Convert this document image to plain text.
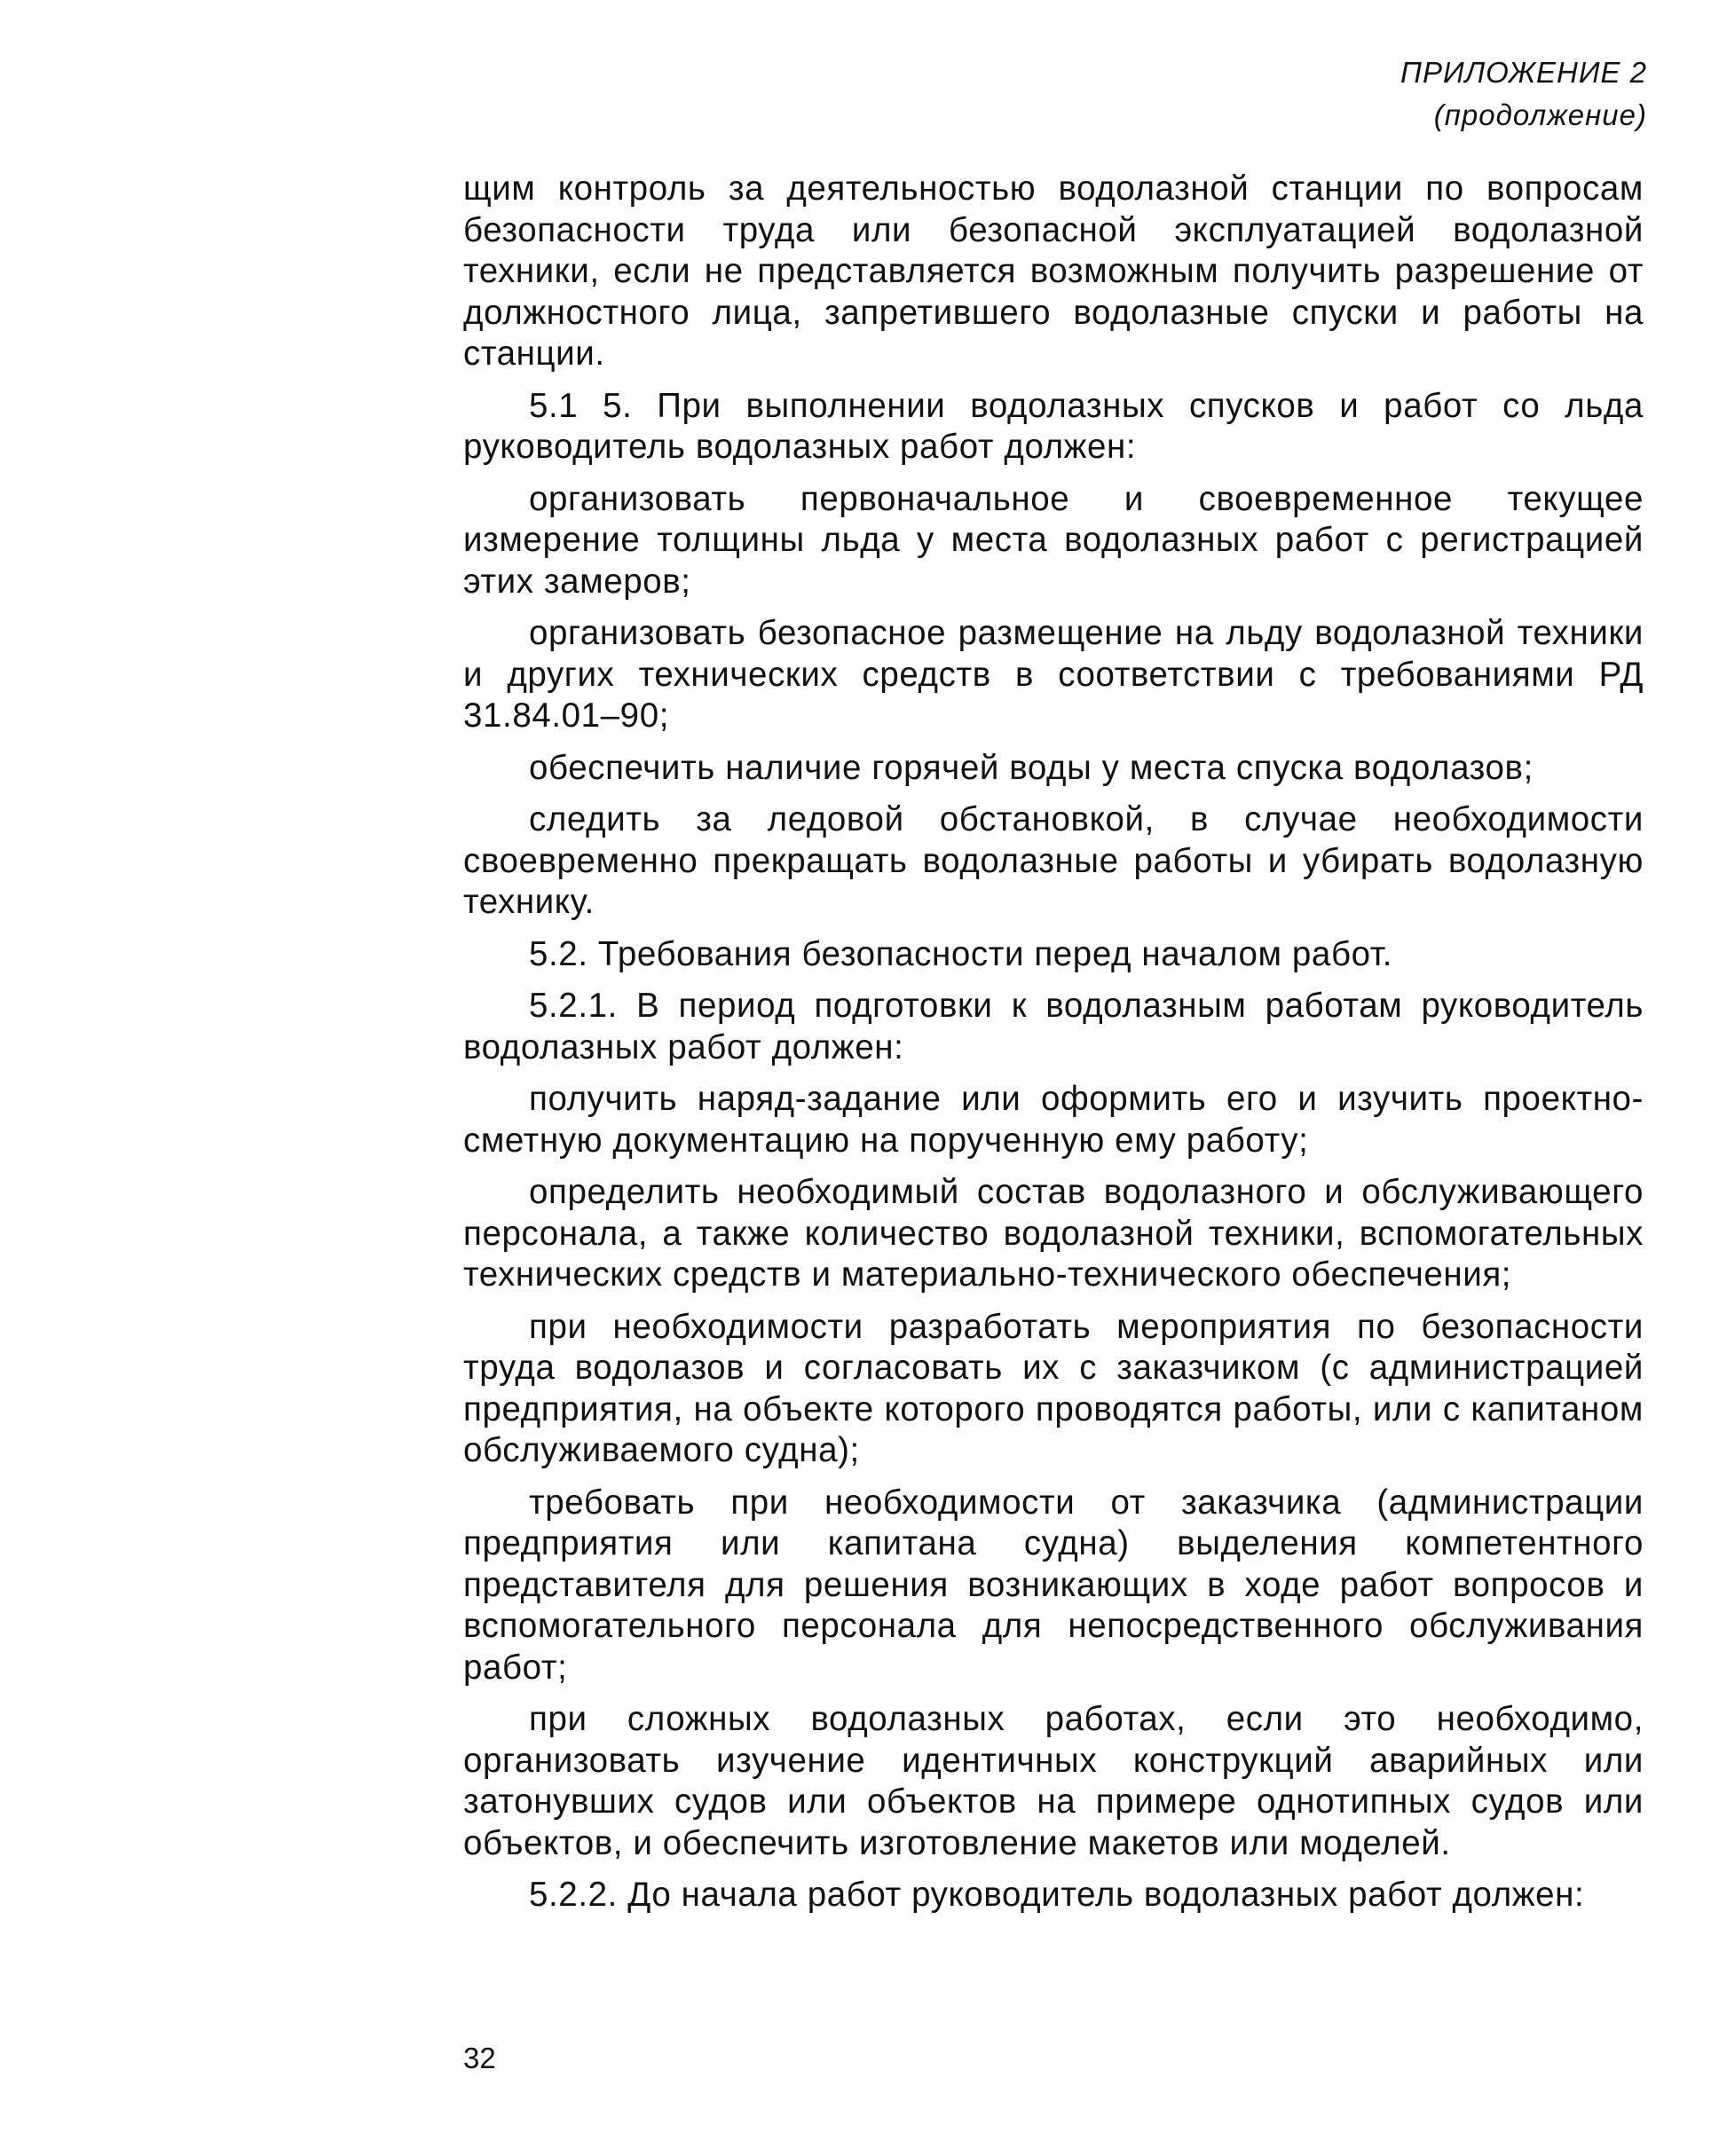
ПРИЛОЖЕНИЕ 2
(продолжение)

щим контроль за деятельностью водолазной станции по вопросам безопасности труда или безопасной эксплуатацией водолазной техники, если не представляется возможным получить разрешение от должностного лица, запретившего водолазные спуски и работы на станции.

5.1 5. При выполнении водолазных спусков и работ со льда руководитель водолазных работ должен:

организовать первоначальное и своевременное текущее измерение толщины льда у места водолазных работ с регистрацией этих замеров;

организовать безопасное размещение на льду водолазной техники и других технических средств в соответствии с требованиями РД 31.84.01–90;

обеспечить наличие горячей воды у места спуска водолазов;

следить за ледовой обстановкой, в случае необходимости своевременно прекращать водолазные работы и убирать водолазную технику.

5.2. Требования безопасности перед началом работ.

5.2.1. В период подготовки к водолазным работам руководитель водолазных работ должен:

получить наряд-задание или оформить его и изучить проектно-сметную документацию на порученную ему работу;

определить необходимый состав водолазного и обслуживающего персонала, а также количество водолазной техники, вспомогательных технических средств и материально-технического обеспечения;

при необходимости разработать мероприятия по безопасности труда водолазов и согласовать их с заказчиком (с администрацией предприятия, на объекте которого проводятся работы, или с капитаном обслуживаемого судна);

требовать при необходимости от заказчика (администрации предприятия или капитана судна) выделения компетентного представителя для решения возникающих в ходе работ вопросов и вспомогательного персонала для непосредственного обслуживания работ;

при сложных водолазных работах, если это необходимо, организовать изучение идентичных конструкций аварийных или затонувших судов или объектов на примере однотипных судов или объектов, и обеспечить изготовление макетов или моделей.

5.2.2. До начала работ руководитель водолазных работ должен:

32
